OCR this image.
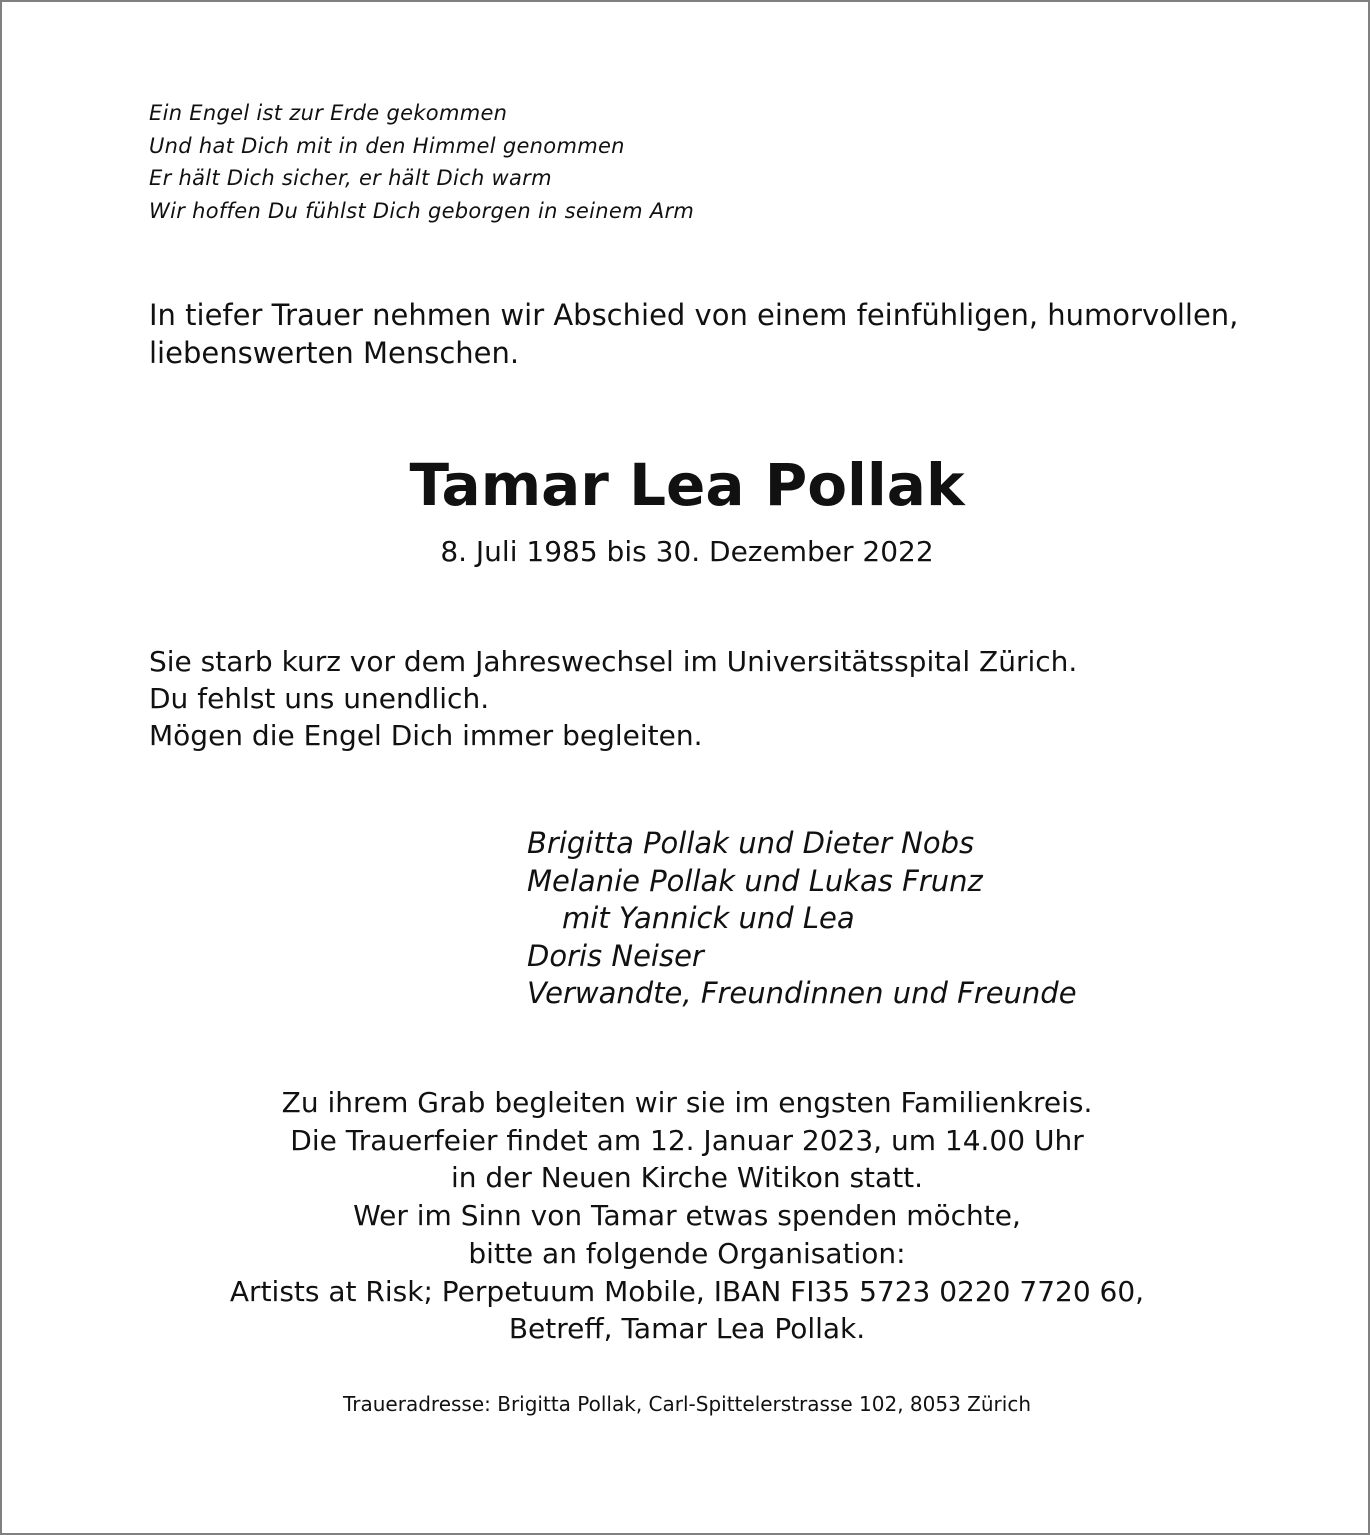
Ein Engel ist zur Erde gekommen
Und hat Dich mit in den Himmel genommen
Er hält Dich sicher, er hält Dich warm
Wir hoffen Du fühlst Dich geborgen in seinem Arm
In tiefer Trauer nehmen wir Abschied von einem feinfühligen, humorvollen,
liebenswerten Menschen.
Tamar Lea Pollak
8. Juli 1985 bis 30. Dezember 2022
Sie starb kurz vor dem Jahreswechsel im Universitätsspital Zürich.
Du fehlst uns unendlich.
Mögen die Engel Dich immer begleiten.
Brigitta Pollak und Dieter Nobs
Melanie Pollak und Lukas Frunz
mit Yannick und Lea
Doris Neiser
Verwandte, Freundinnen und Freunde
Zu ihrem Grab begleiten wir sie im engsten Familienkreis.
Die Trauerfeier findet am 12. Januar 2023, um 14.00 Uhr
in der Neuen Kirche Witikon statt.
Wer im Sinn von Tamar etwas spenden möchte,
bitte an folgende Organisation:
Artists at Risk; Perpetuum Mobile, IBAN FI35 5723 0220 7720 60,
Betreff, Tamar Lea Pollak.
Traueradresse: Brigitta Pollak, Carl-Spittelerstrasse 102, 8053 Zürich
